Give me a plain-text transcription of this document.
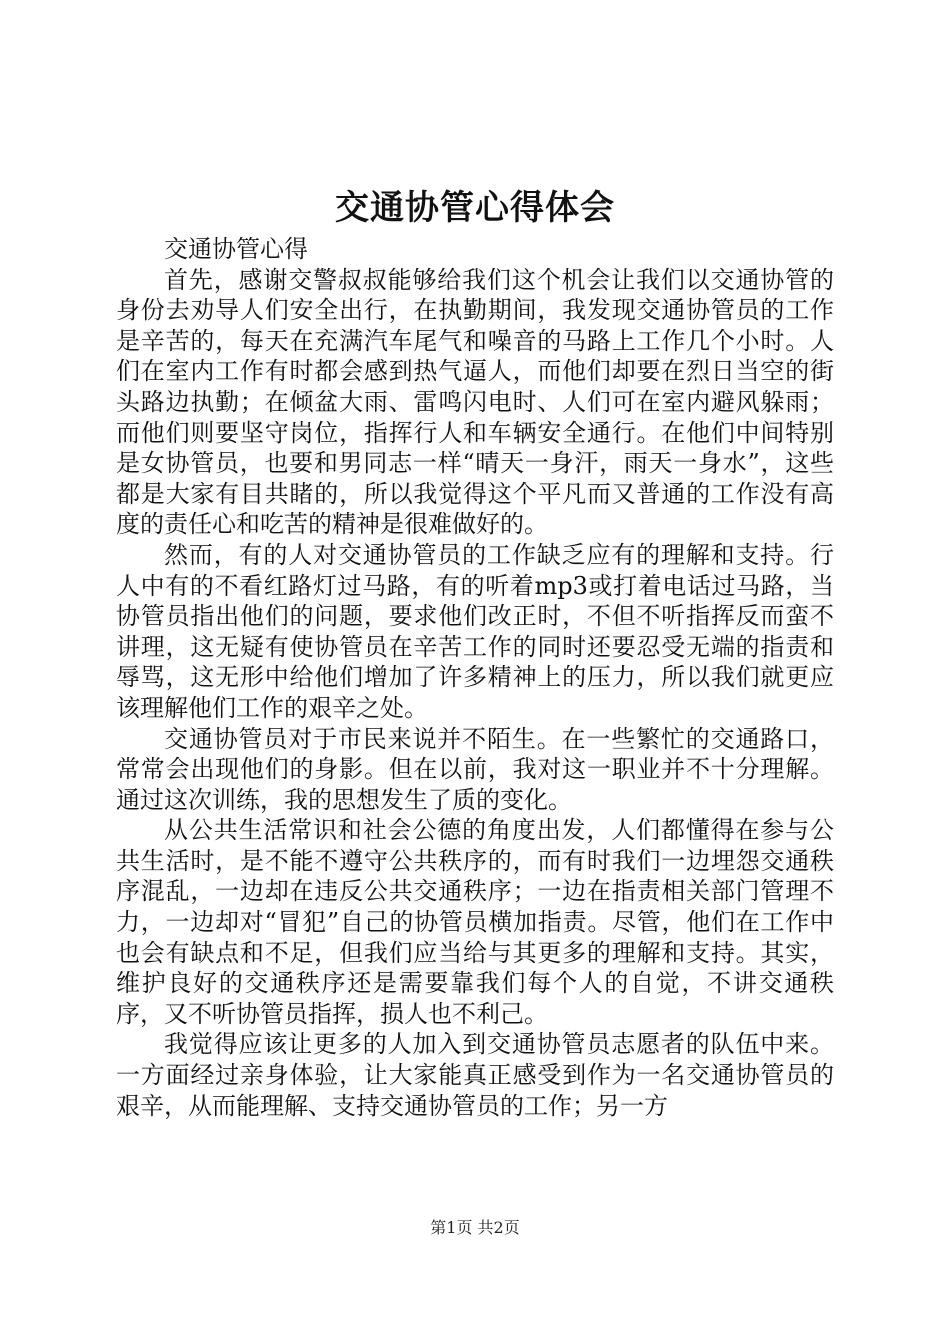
交通协管心得体会

交通协管心得

首先，感谢交警叔叔能够给我们这个机会让我们以交通协管的身份去劝导人们安全出行，在执勤期间，我发现交通协管员的工作是辛苦的，每天在充满汽车尾气和噪音的马路上工作几个小时。人们在室内工作有时都会感到热气逼人，而他们却要在烈日当空的街头路边执勤；在倾盆大雨、雷鸣闪电时、人们可在室内避风躲雨；而他们则要坚守岗位，指挥行人和车辆安全通行。在他们中间特别是女协管员，也要和男同志一样“晴天一身汗，雨天一身水”，这些都是大家有目共睹的，所以我觉得这个平凡而又普通的工作没有高度的责任心和吃苦的精神是很难做好的。

然而，有的人对交通协管员的工作缺乏应有的理解和支持。行人中有的不看红路灯过马路，有的听着mp3或打着电话过马路，当协管员指出他们的问题，要求他们改正时，不但不听指挥反而蛮不讲理，这无疑有使协管员在辛苦工作的同时还要忍受无端的指责和辱骂，这无形中给他们增加了许多精神上的压力，所以我们就更应该理解他们工作的艰辛之处。

交通协管员对于市民来说并不陌生。在一些繁忙的交通路口，常常会出现他们的身影。但在以前，我对这一职业并不十分理解。通过这次训练，我的思想发生了质的变化。

从公共生活常识和社会公德的角度出发，人们都懂得在参与公共生活时，是不能不遵守公共秩序的，而有时我们一边埋怨交通秩序混乱，一边却在违反公共交通秩序；一边在指责相关部门管理不力，一边却对“冒犯”自己的协管员横加指责。尽管，他们在工作中也会有缺点和不足，但我们应当给与其更多的理解和支持。其实，维护良好的交通秩序还是需要靠我们每个人的自觉，不讲交通秩序，又不听协管员指挥，损人也不利己。

我觉得应该让更多的人加入到交通协管员志愿者的队伍中来。一方面经过亲身体验，让大家能真正感受到作为一名交通协管员的艰辛，从而能理解、支持交通协管员的工作；另一方

第1页 共2页
